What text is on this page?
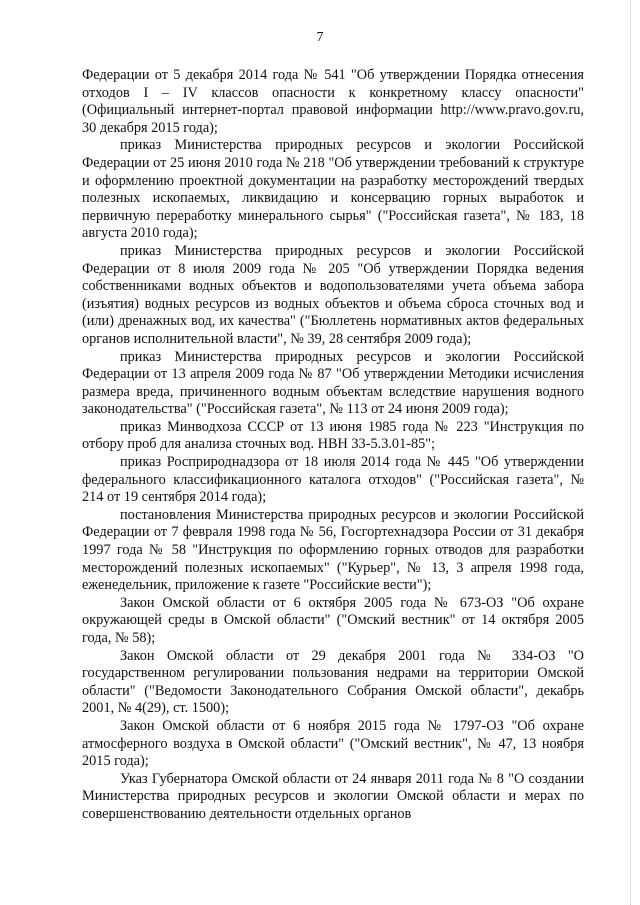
7

Федерации от 5 декабря 2014 года № 541 "Об утверждении Порядка отнесения отходов I – IV классов опасности к конкретному классу опасности" (Официальный интернет-портал правовой информации http://www.pravo.gov.ru, 30 декабря 2015 года);

приказ Министерства природных ресурсов и экологии Российской Федерации от 25 июня 2010 года № 218 "Об утверждении требований к структуре и оформлению проектной документации на разработку месторождений твердых полезных ископаемых, ликвидацию и консервацию горных выработок и первичную переработку минерального сырья" ("Российская газета", № 183, 18 августа 2010 года);

приказ Министерства природных ресурсов и экологии Российской Федерации от 8 июля 2009 года № 205 "Об утверждении Порядка ведения собственниками водных объектов и водопользователями учета объема забора (изъятия) водных ресурсов из водных объектов и объема сброса сточных вод и (или) дренажных вод, их качества" ("Бюллетень нормативных актов федеральных органов исполнительной власти", № 39, 28 сентября 2009 года);

приказ Министерства природных ресурсов и экологии Российской Федерации от 13 апреля 2009 года № 87 "Об утверждении Методики исчисления размера вреда, причиненного водным объектам вследствие нарушения водного законодательства" ("Российская газета", № 113 от 24 июня 2009 года);

приказ Минводхоза СССР от 13 июня 1985 года № 223 "Инструкция по отбору проб для анализа сточных вод. НВН 33-5.3.01-85";

приказ Росприроднадзора от 18 июля 2014 года № 445 "Об утверждении федерального классификационного каталога отходов" ("Российская газета", № 214 от 19 сентября 2014 года);

постановления Министерства природных ресурсов и экологии Российской Федерации от 7 февраля 1998 года № 56, Госгортехнадзора России от 31 декабря 1997 года № 58 "Инструкция по оформлению горных отводов для разработки месторождений полезных ископаемых" ("Курьер", № 13, 3 апреля 1998 года, еженедельник, приложение к газете "Российские вести");

Закон Омской области от 6 октября 2005 года № 673-ОЗ "Об охране окружающей среды в Омской области" ("Омский вестник" от 14 октября 2005 года, № 58);

Закон Омской области от 29 декабря 2001 года № 334-ОЗ "О государственном регулировании пользования недрами на территории Омской области" ("Ведомости Законодательного Собрания Омской области", декабрь 2001, № 4(29), ст. 1500);

Закон Омской области от 6 ноября 2015 года № 1797-ОЗ "Об охране атмосферного воздуха в Омской области" ("Омский вестник", № 47, 13 ноября 2015 года);

Указ Губернатора Омской области от 24 января 2011 года № 8 "О создании Министерства природных ресурсов и экологии Омской области и мерах по совершенствованию деятельности отдельных органов
